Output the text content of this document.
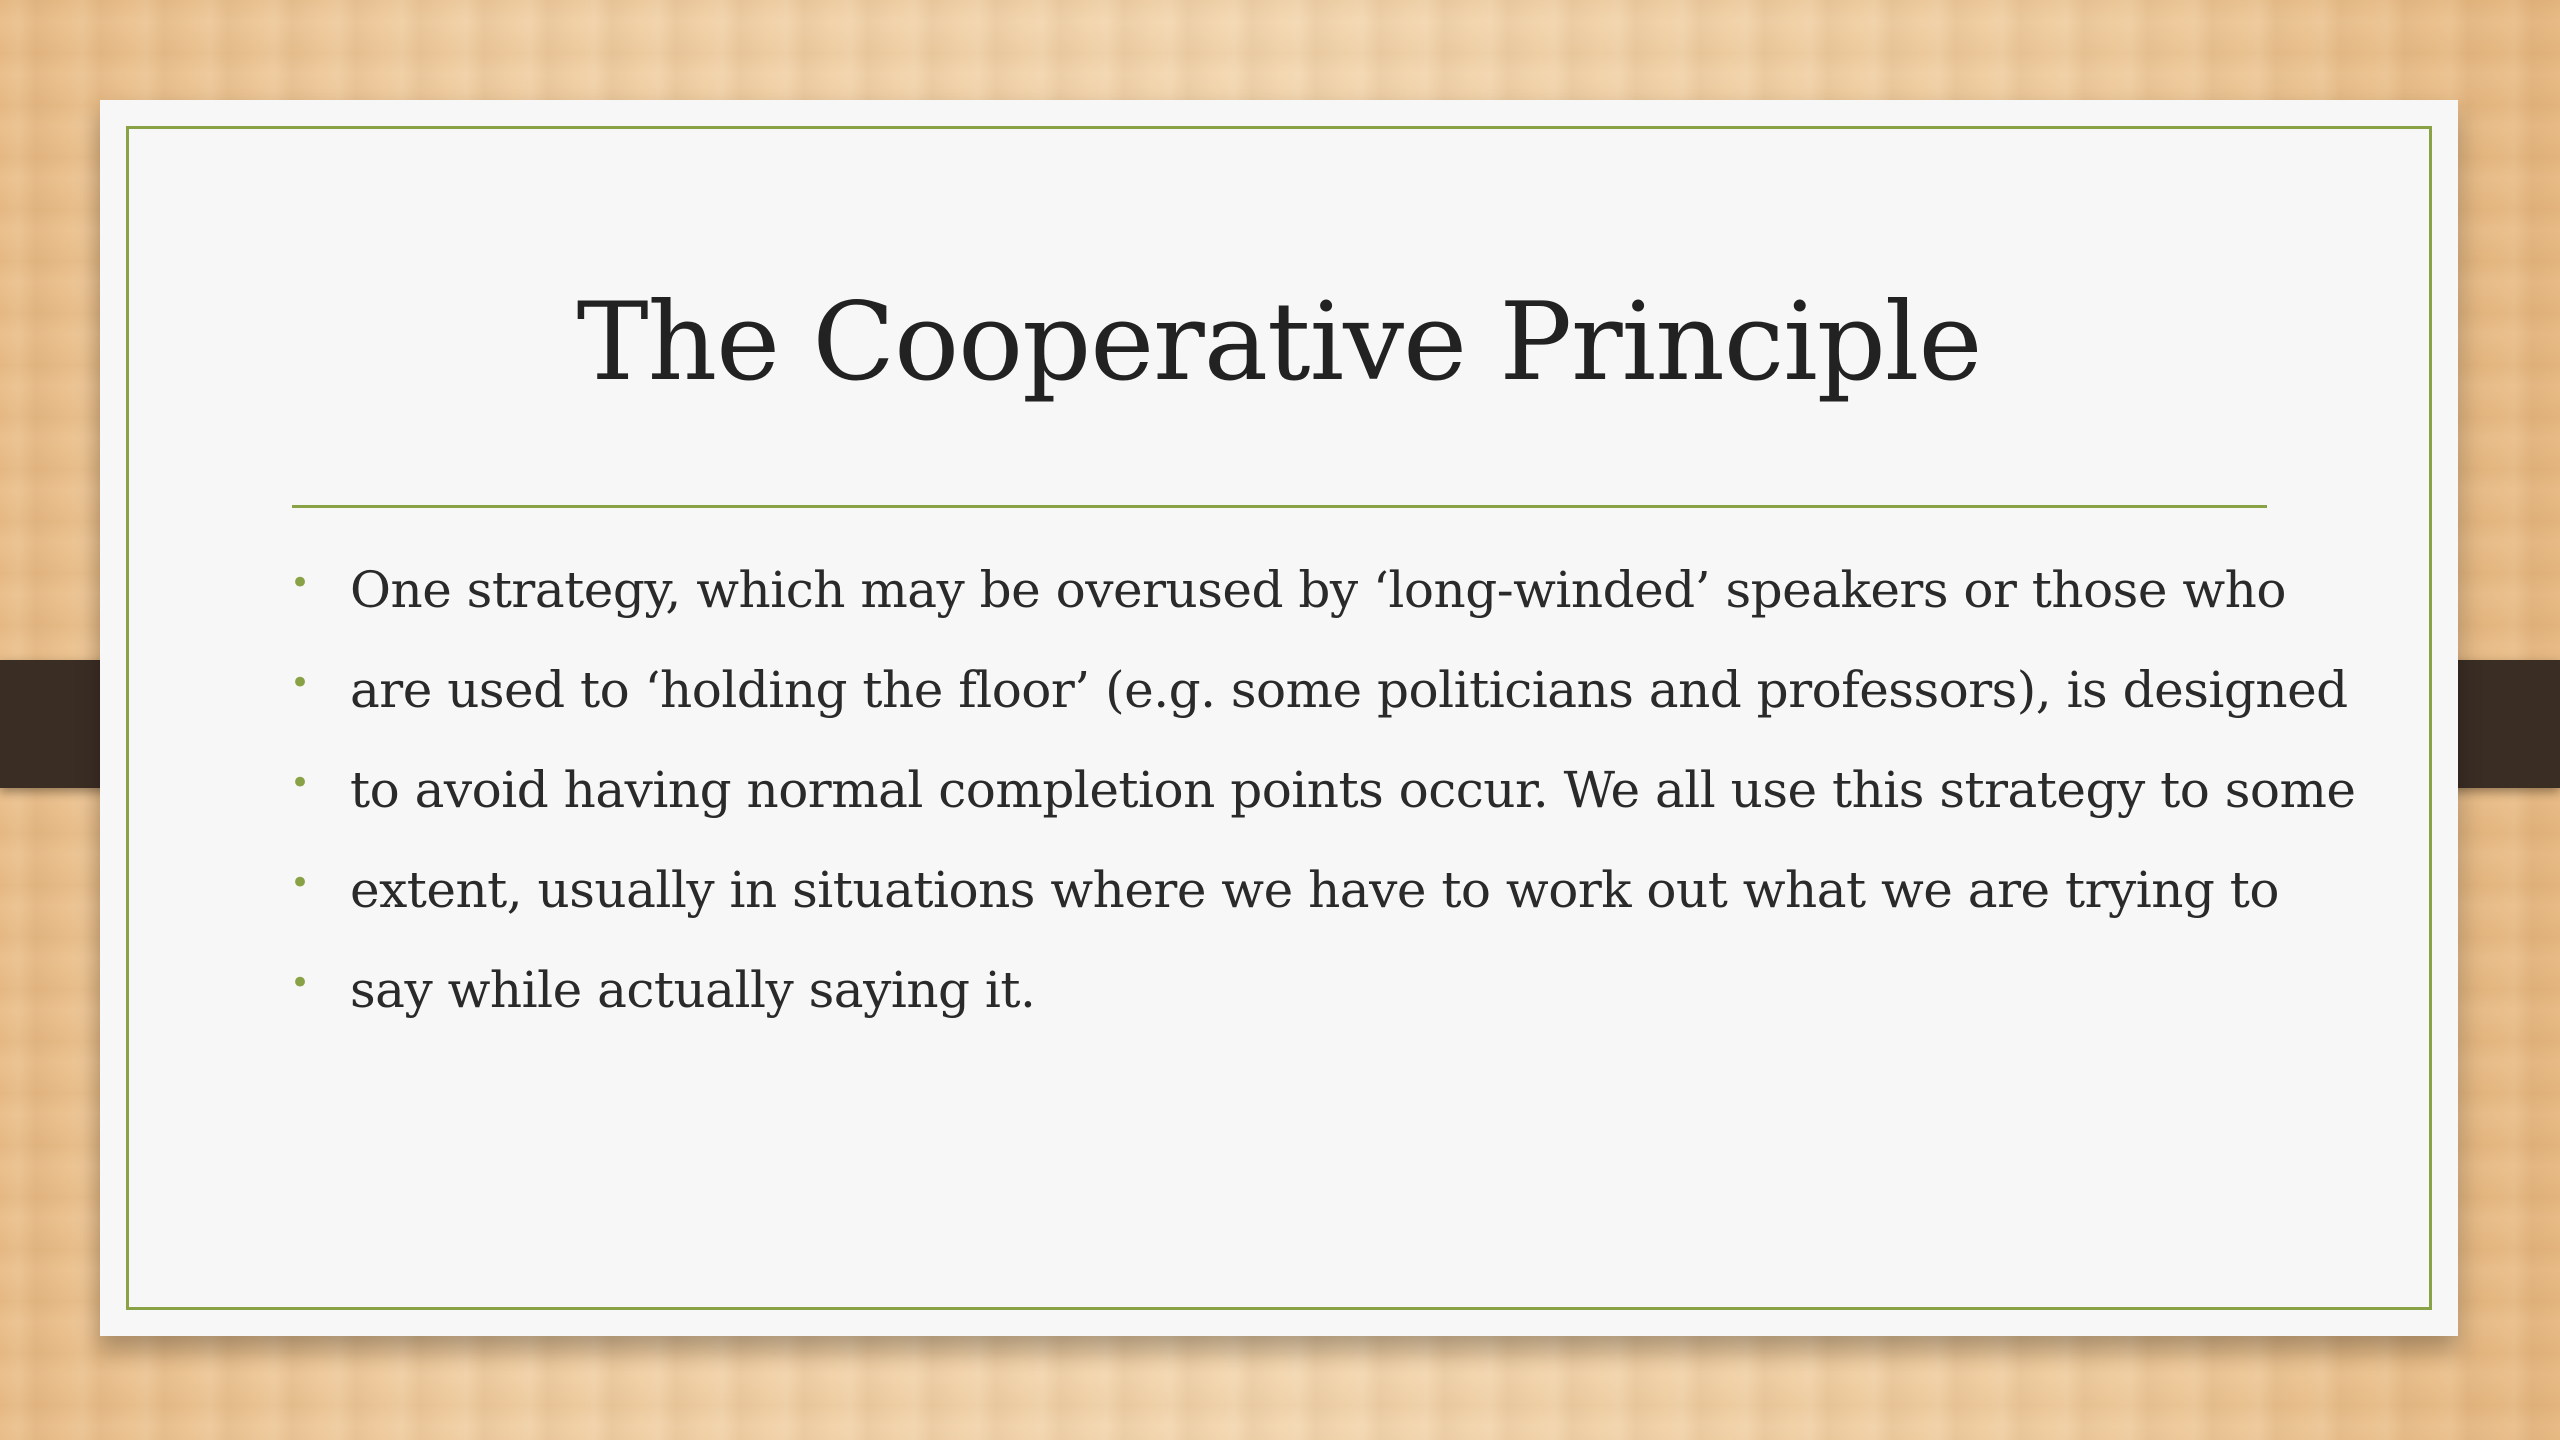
The Cooperative Principle
• One strategy, which may be overused by ‘long-winded’ speakers or those who
• are used to ‘holding the floor’ (e.g. some politicians and professors), is designed
• to avoid having normal completion points occur. We all use this strategy to some
• extent, usually in situations where we have to work out what we are trying to
• say while actually saying it.
